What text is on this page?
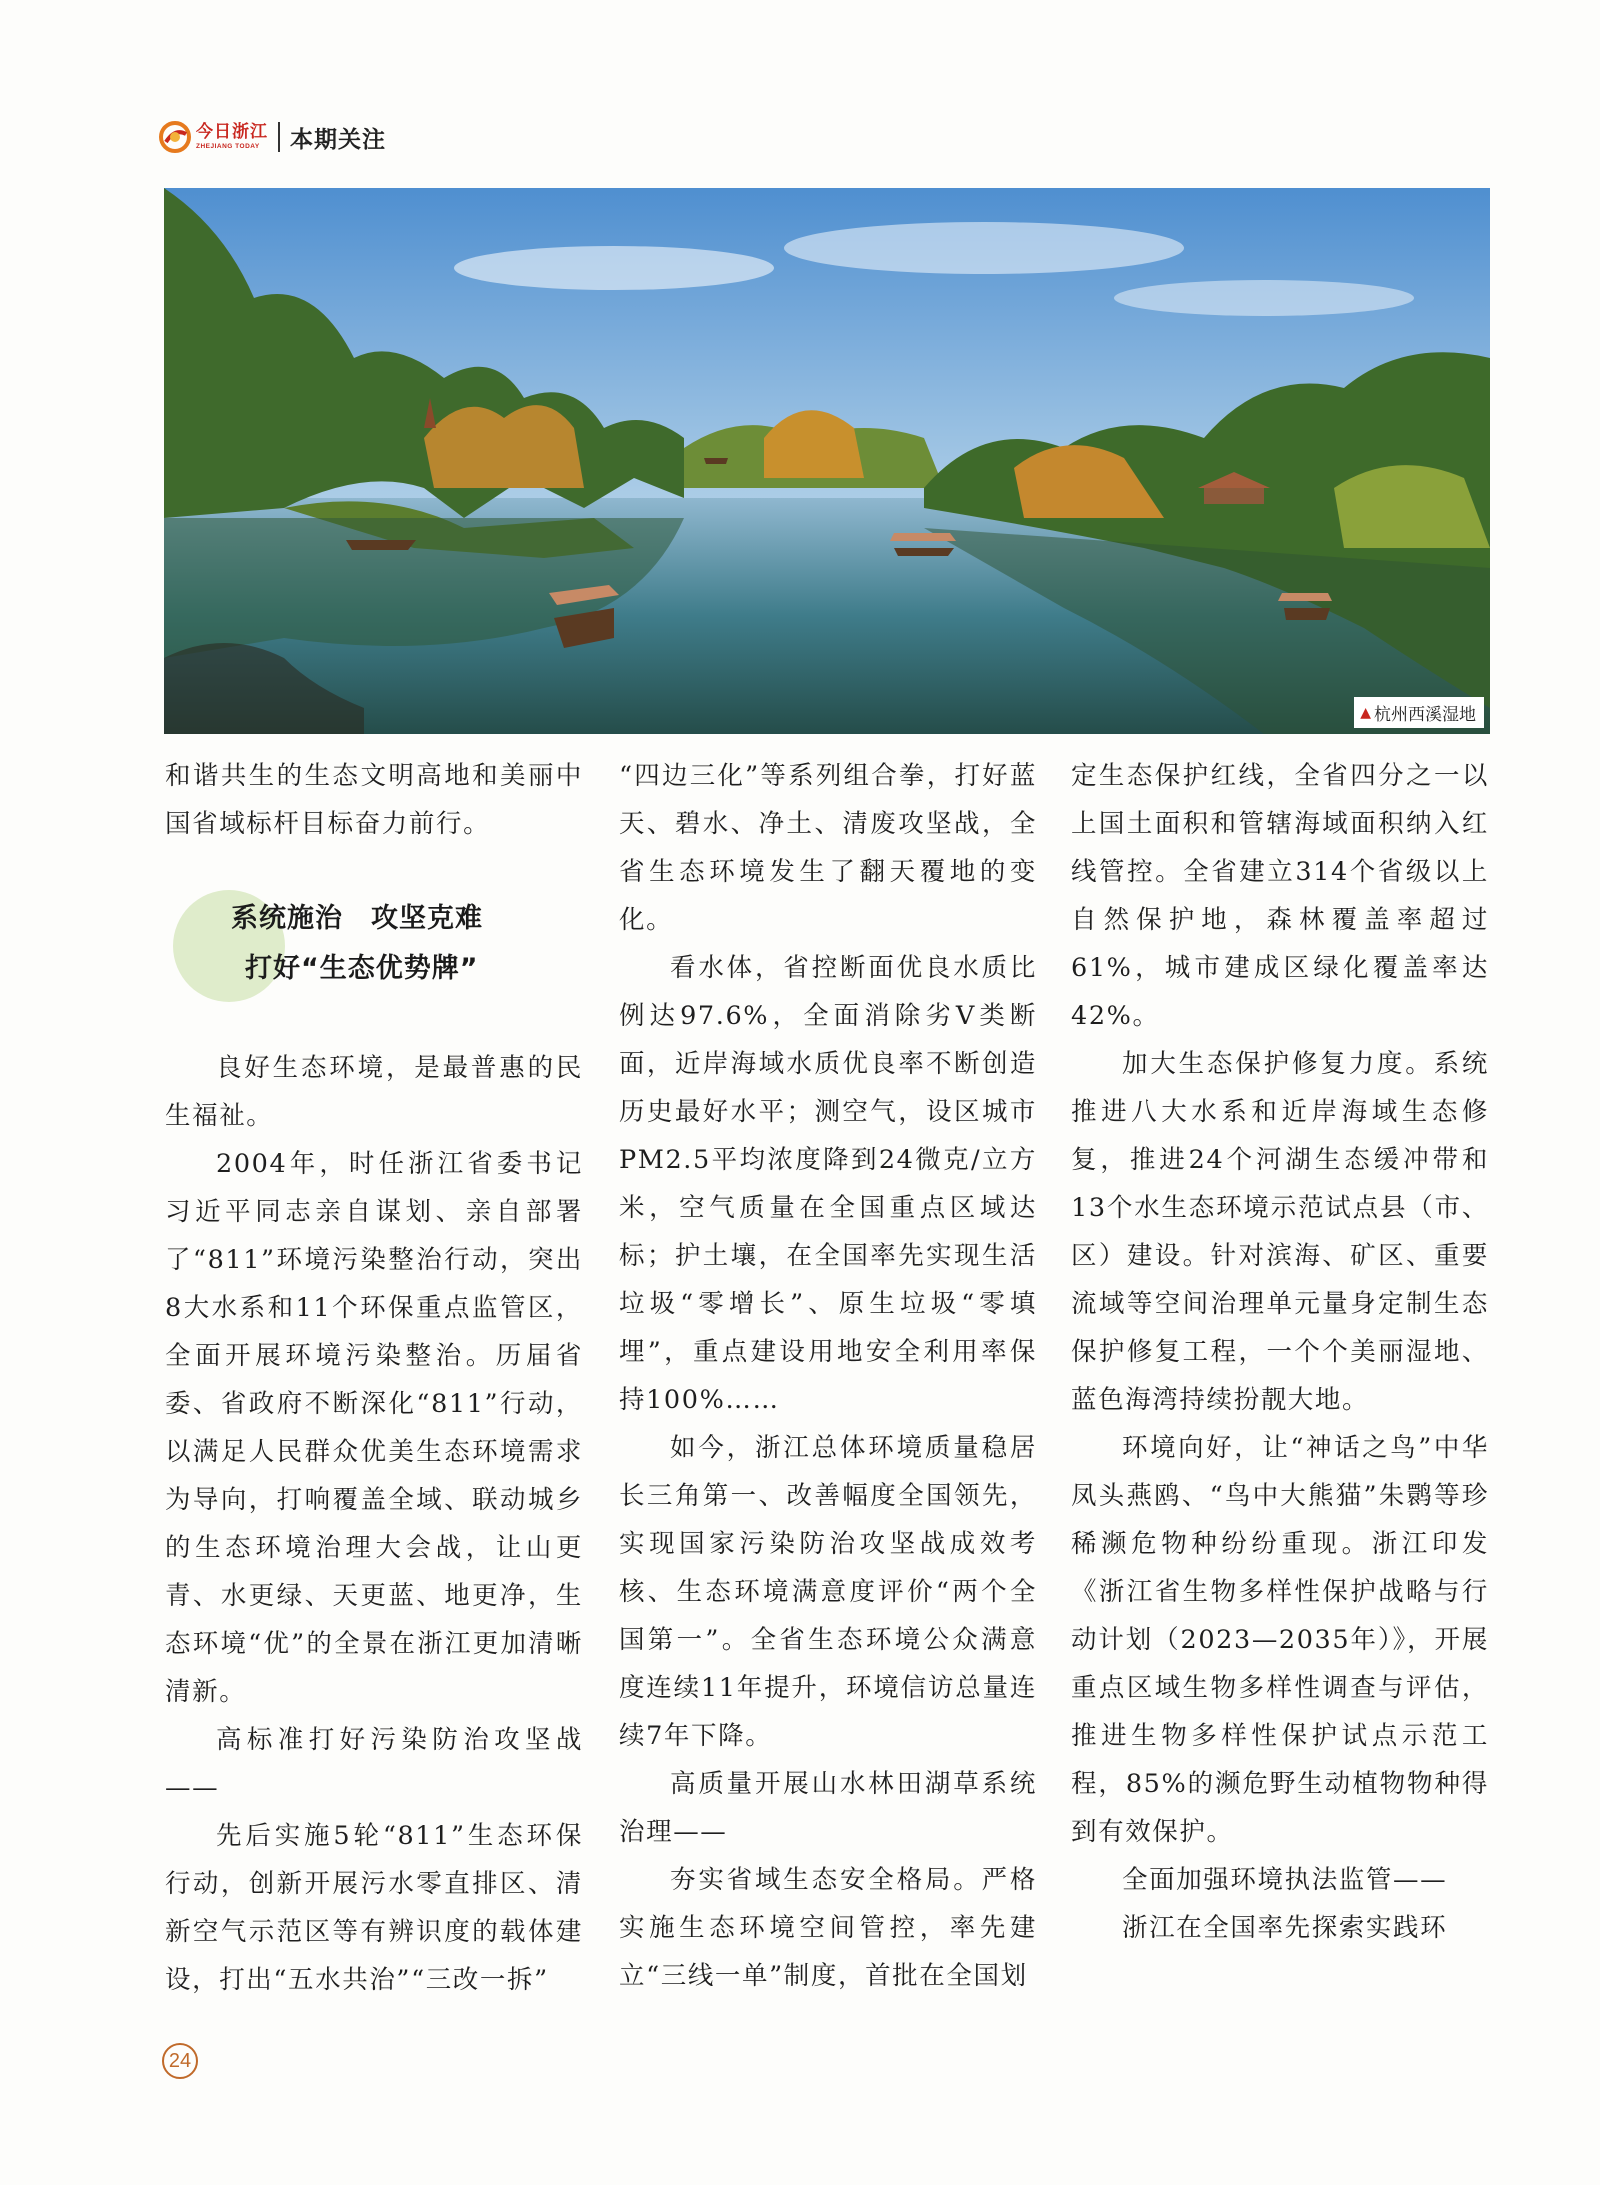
今日浙江
ZHEJIANG TODAY	本期关注
▲ 杭州西溪湿地

和谐共生的生态文明高地和美丽中国省域标杆目标奋力前行。

系统施治　攻坚克难
打好“生态优势牌”

良好生态环境，是最普惠的民生福祉。

2004年，时任浙江省委书记习近平同志亲自谋划、亲自部署了“811”环境污染整治行动，突出8大水系和11个环保重点监管区，全面开展环境污染整治。历届省委、省政府不断深化“811”行动，以满足人民群众优美生态环境需求为导向，打响覆盖全域、联动城乡的生态环境治理大会战，让山更青、水更绿、天更蓝、地更净，生态环境“优”的全景在浙江更加清晰清新。

高标准打好污染防治攻坚战——

先后实施5轮“811”生态环保行动，创新开展污水零直排区、清新空气示范区等有辨识度的载体建设，打出“五水共治”“三改一拆”

“四边三化”等系列组合拳，打好蓝天、碧水、净土、清废攻坚战，全省生态环境发生了翻天覆地的变化。

看水体，省控断面优良水质比例达97.6%，全面消除劣Ⅴ类断面，近岸海域水质优良率不断创造历史最好水平；测空气，设区城市PM2.5平均浓度降到24微克/立方米，空气质量在全国重点区域达标；护土壤，在全国率先实现生活垃圾“零增长”、原生垃圾“零填埋”，重点建设用地安全利用率保持100%……

如今，浙江总体环境质量稳居长三角第一、改善幅度全国领先，实现国家污染防治攻坚战成效考核、生态环境满意度评价“两个全国第一”。全省生态环境公众满意度连续11年提升，环境信访总量连续7年下降。

高质量开展山水林田湖草系统治理——

夯实省域生态安全格局。严格实施生态环境空间管控，率先建立“三线一单”制度，首批在全国划

定生态保护红线，全省四分之一以上国土面积和管辖海域面积纳入红线管控。全省建立314个省级以上自然保护地，森林覆盖率超过61%，城市建成区绿化覆盖率达42%。

加大生态保护修复力度。系统推进八大水系和近岸海域生态修复，推进24个河湖生态缓冲带和13个水生态环境示范试点县（市、区）建设。针对滨海、矿区、重要流域等空间治理单元量身定制生态保护修复工程，一个个美丽湿地、蓝色海湾持续扮靓大地。

环境向好，让“神话之鸟”中华凤头燕鸥、“鸟中大熊猫”朱鹮等珍稀濒危物种纷纷重现。浙江印发《浙江省生物多样性保护战略与行动计划（2023—2035年）》，开展重点区域生物多样性调查与评估，推进生物多样性保护试点示范工程，85%的濒危野生动植物物种得到有效保护。

全面加强环境执法监管——

浙江在全国率先探索实践环

24
